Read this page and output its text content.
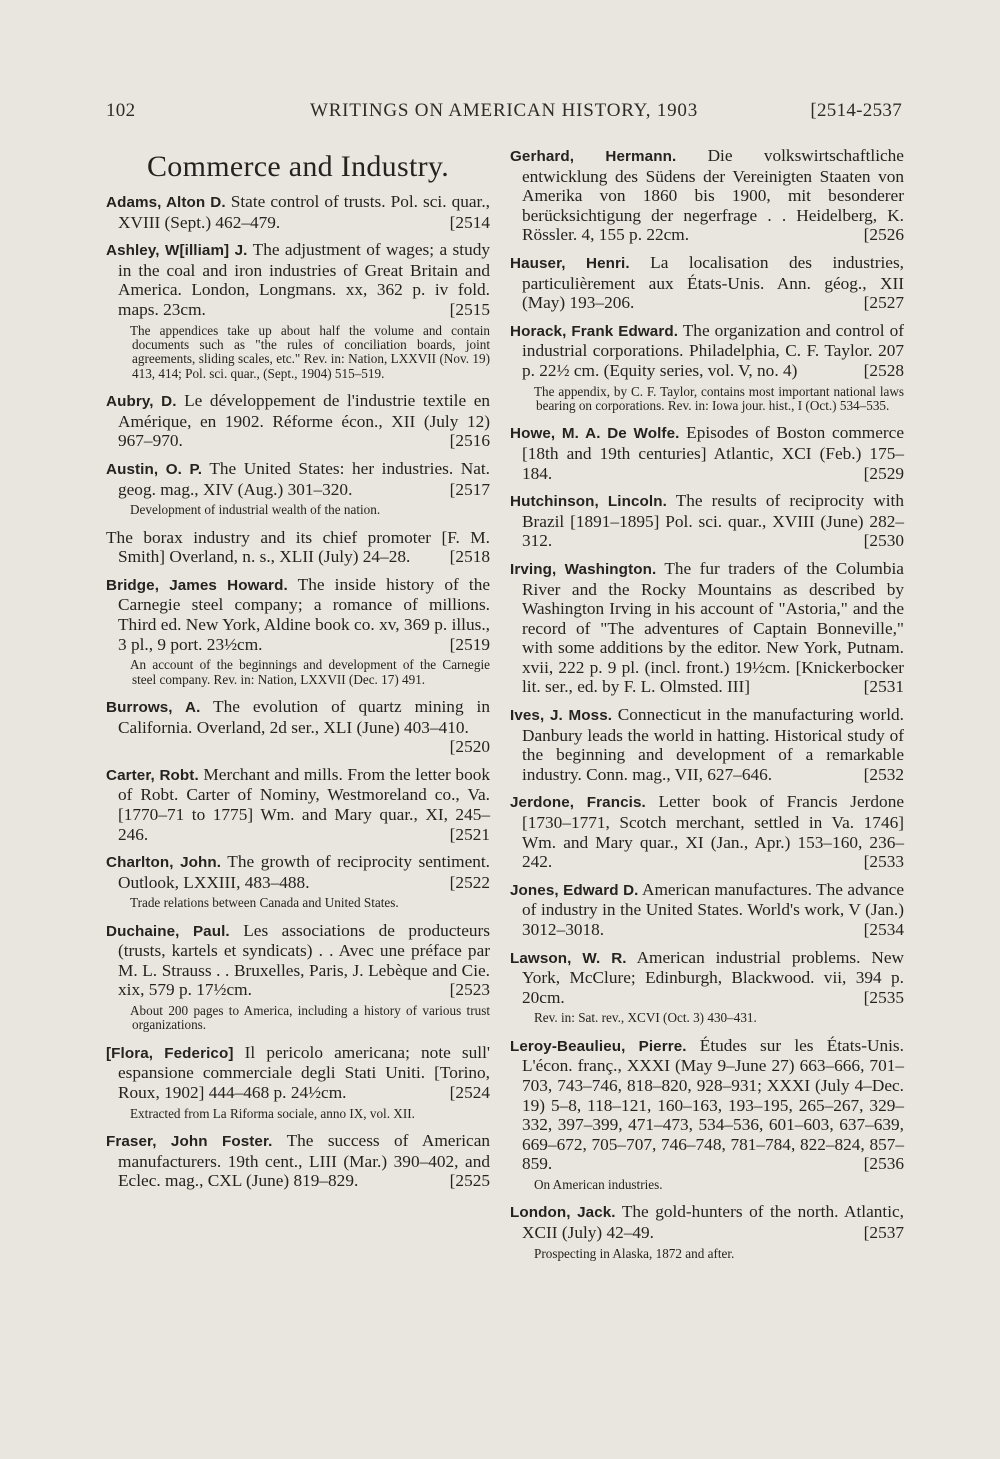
102	WRITINGS ON AMERICAN HISTORY, 1903	[2514-2537
Commerce and Industry.
Adams, Alton D. State control of trusts. Pol. sci. quar., XVIII (Sept.) 462–479.	[2514
Ashley, W[illiam] J. The adjustment of wages; a study in the coal and iron industries of Great Britain and America. London, Longmans. xx, 362 p. iv fold. maps. 23cm.	[2515
The appendices take up about half the volume and contain documents such as "the rules of conciliation boards, joint agreements, sliding scales, etc." Rev. in: Nation, LXXVII (Nov. 19) 413, 414; Pol. sci. quar., (Sept., 1904) 515–519.
Aubry, D. Le développement de l'industrie textile en Amérique, en 1902. Réforme écon., XII (July 12) 967–970.	[2516
Austin, O. P. The United States: her industries. Nat. geog. mag., XIV (Aug.) 301–320.	[2517
Development of industrial wealth of the nation.
The borax industry and its chief promoter [F. M. Smith] Overland, n. s., XLII (July) 24–28. [2518
Bridge, James Howard. The inside history of the Carnegie steel company; a romance of millions. Third ed. New York, Aldine book co. xv, 369 p. illus., 3 pl., 9 port. 23½cm.	[2519
An account of the beginnings and development of the Carnegie steel company. Rev. in: Nation, LXXVII (Dec. 17) 491.
Burrows, A. The evolution of quartz mining in California. Overland, 2d ser., XLI (June) 403–410.
[2520
Carter, Robt. Merchant and mills. From the letter book of Robt. Carter of Nominy, Westmoreland co., Va. [1770–71 to 1775] Wm. and Mary quar., XI, 245–246.	[2521
Charlton, John. The growth of reciprocity sentiment. Outlook, LXXIII, 483–488.	[2522
Trade relations between Canada and United States.
Duchaine, Paul. Les associations de producteurs (trusts, kartels et syndicats) . . Avec une préface par M. L. Strauss . . Bruxelles, Paris, J. Lebèque and Cie. xix, 579 p. 17½cm.	[2523
About 200 pages to America, including a history of various trust organizations.
[Flora, Federico] Il pericolo americana; note sull' espansione commerciale degli Stati Uniti. [Torino, Roux, 1902] 444–468 p. 24½cm.	[2524
Extracted from La Riforma sociale, anno IX, vol. XII.
Fraser, John Foster. The success of American manufacturers. 19th cent., LIII (Mar.) 390–402, and Eclec. mag., CXL (June) 819–829.	[2525
Gerhard, Hermann. Die volkswirtschaftliche entwicklung des Südens der Vereinigten Staaten von Amerika von 1860 bis 1900, mit besonderer berücksichtigung der negerfrage . . Heidelberg, K. Rössler. 4, 155 p. 22cm.	[2526
Hauser, Henri. La localisation des industries, particulièrement aux États-Unis. Ann. géog., XII (May) 193–206.	[2527
Horack, Frank Edward. The organization and control of industrial corporations. Philadelphia, C. F. Taylor. 207 p. 22½ cm. (Equity series, vol. V, no. 4)	[2528
The appendix, by C. F. Taylor, contains most important national laws bearing on corporations. Rev. in: Iowa jour. hist., I (Oct.) 534–535.
Howe, M. A. De Wolfe. Episodes of Boston commerce [18th and 19th centuries] Atlantic, XCI (Feb.) 175–184.	[2529
Hutchinson, Lincoln. The results of reciprocity with Brazil [1891–1895] Pol. sci. quar., XVIII (June) 282–312.	[2530
Irving, Washington. The fur traders of the Columbia River and the Rocky Mountains as described by Washington Irving in his account of "Astoria," and the record of "The adventures of Captain Bonneville," with some additions by the editor. New York, Putnam. xvii, 222 p. 9 pl. (incl. front.) 19½cm. [Knickerbocker lit. ser., ed. by F. L. Olmsted. III]	[2531
Ives, J. Moss. Connecticut in the manufacturing world. Danbury leads the world in hatting. Historical study of the beginning and development of a remarkable industry. Conn. mag., VII, 627–646.	[2532
Jerdone, Francis. Letter book of Francis Jerdone [1730–1771, Scotch merchant, settled in Va. 1746] Wm. and Mary quar., XI (Jan., Apr.) 153–160, 236–242.	[2533
Jones, Edward D. American manufactures. The advance of industry in the United States. World's work, V (Jan.) 3012–3018.	[2534
Lawson, W. R. American industrial problems. New York, McClure; Edinburgh, Blackwood. vii, 394 p. 20cm.	[2535
Rev. in: Sat. rev., XCVI (Oct. 3) 430–431.
Leroy-Beaulieu, Pierre. Études sur les États-Unis. L'écon. franç., XXXI (May 9–June 27) 663–666, 701–703, 743–746, 818–820, 928–931; XXXI (July 4–Dec. 19) 5–8, 118–121, 160–163, 193–195, 265–267, 329–332, 397–399, 471–473, 534–536, 601–603, 637–639, 669–672, 705–707, 746–748, 781–784, 822–824, 857–859.	[2536
On American industries.
London, Jack. The gold-hunters of the north. Atlantic, XCII (July) 42–49.	[2537
Prospecting in Alaska, 1872 and after.
